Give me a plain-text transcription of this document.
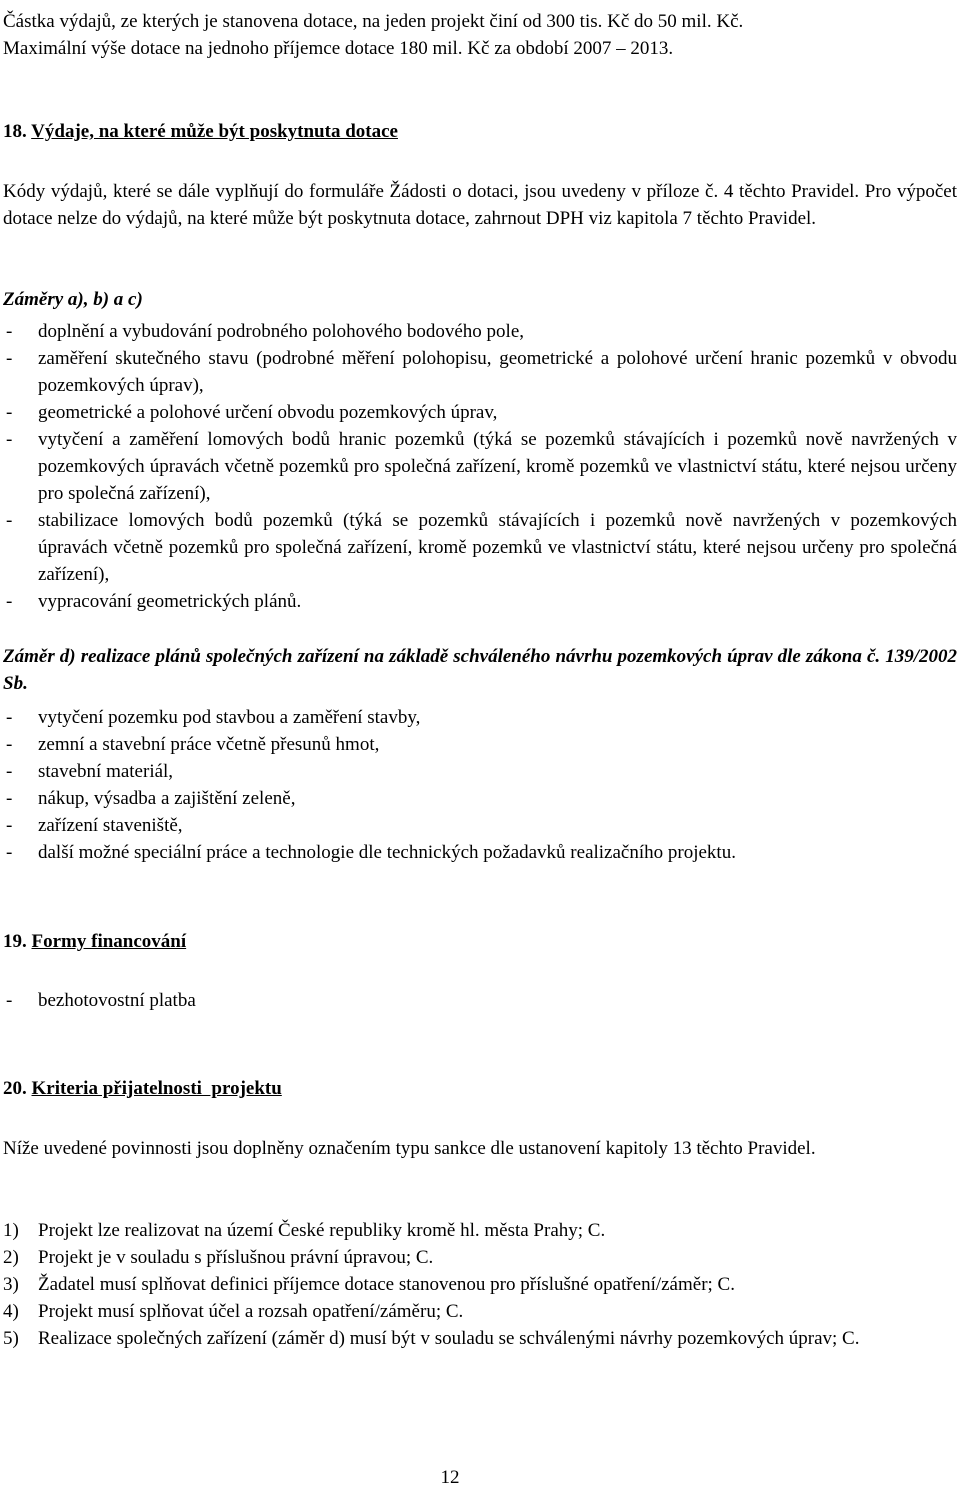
Částka výdajů, ze kterých je stanovena dotace, na jeden projekt činí od 300 tis. Kč do 50 mil. Kč.
Maximální výše dotace na jednoho příjemce dotace 180 mil. Kč za období 2007 – 2013.
18. Výdaje, na které může být poskytnuta dotace

Kódy výdajů, které se dále vyplňují do formuláře Žádosti o dotaci, jsou uvedeny v příloze č. 4 těchto Pravidel. Pro výpočet dotace nelze do výdajů, na které může být poskytnuta dotace, zahrnout DPH viz kapitola 7 těchto Pravidel.

Záměry a), b) a c)
- doplnění a vybudování podrobného polohového bodového pole,
- zaměření skutečného stavu (podrobné měření polohopisu, geometrické a polohové určení hranic pozemků v obvodu pozemkových úprav),
- geometrické a polohové určení obvodu pozemkových úprav,
- vytyčení a zaměření lomových bodů hranic pozemků (týká se pozemků stávajících i pozemků nově navržených v pozemkových úpravách včetně pozemků pro společná zařízení, kromě pozemků ve vlastnictví státu, které nejsou určeny pro společná zařízení),
- stabilizace lomových bodů pozemků (týká se pozemků stávajících i pozemků nově navržených v pozemkových úpravách včetně pozemků pro společná zařízení, kromě pozemků ve vlastnictví státu, které nejsou určeny pro společná zařízení),
- vypracování geometrických plánů.
Záměr d) realizace plánů společných zařízení na základě schváleného návrhu pozemkových úprav dle zákona č. 139/2002 Sb.
- vytyčení pozemku pod stavbou a zaměření stavby,
- zemní a stavební práce včetně přesunů hmot,
- stavební materiál,
- nákup, výsadba a zajištění zeleně,
- zařízení staveniště,
- další možné speciální práce a technologie dle technických požadavků realizačního projektu.
19. Formy financování
- bezhotovostní platba
20. Kriteria přijatelnosti  projektu

Níže uvedené povinnosti jsou doplněny označením typu sankce dle ustanovení kapitoly 13 těchto Pravidel.

1) Projekt lze realizovat na území České republiky kromě hl. města Prahy; C.
2) Projekt je v souladu s příslušnou právní úpravou; C.
3) Žadatel musí splňovat definici příjemce dotace stanovenou pro příslušné opatření/záměr; C.
4) Projekt musí splňovat účel a rozsah opatření/záměru; C.
5) Realizace společných zařízení (záměr d) musí být v souladu se schválenými návrhy pozemkových úprav; C.
12
